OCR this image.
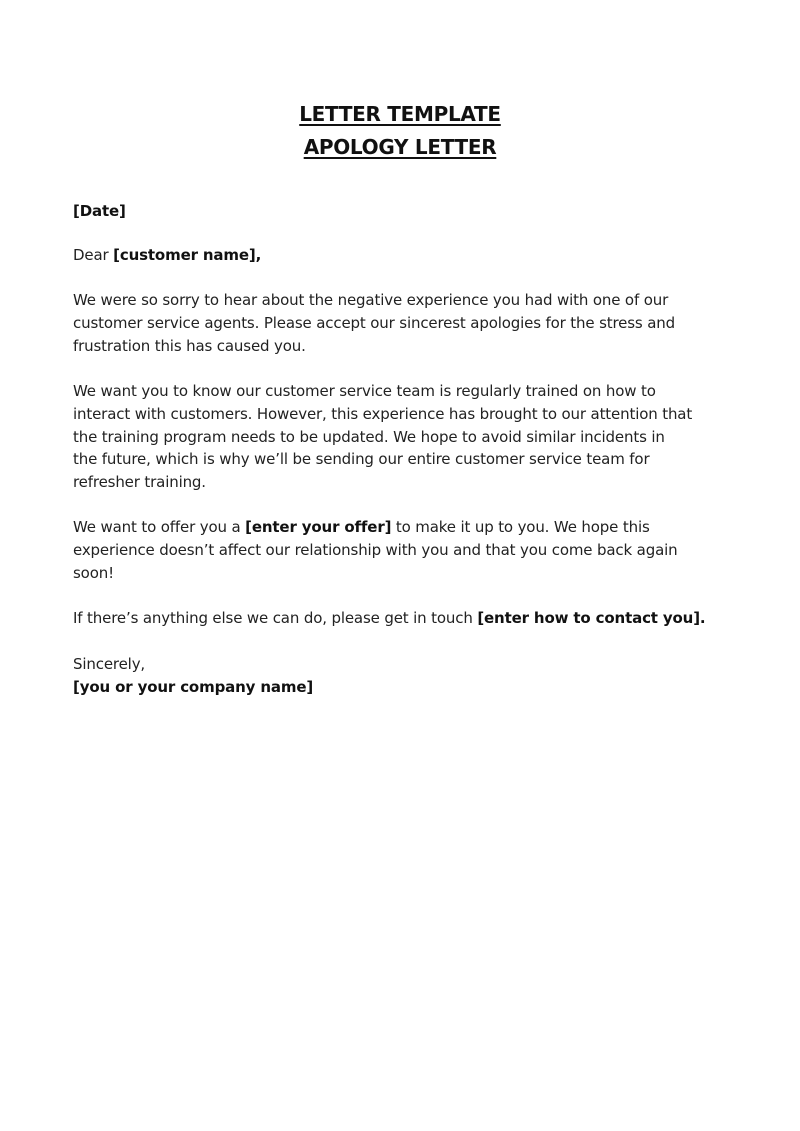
LETTER TEMPLATE
APOLOGY LETTER
[Date]
Dear [customer name],
We were so sorry to hear about the negative experience you had with one of our
customer service agents. Please accept our sincerest apologies for the stress and
frustration this has caused you.
We want you to know our customer service team is regularly trained on how to
interact with customers. However, this experience has brought to our attention that
the training program needs to be updated. We hope to avoid similar incidents in
the future, which is why we’ll be sending our entire customer service team for
refresher training.
We want to offer you a [enter your offer] to make it up to you. We hope this
experience doesn’t affect our relationship with you and that you come back again
soon!
If there’s anything else we can do, please get in touch [enter how to contact you].
Sincerely,
[you or your company name]
